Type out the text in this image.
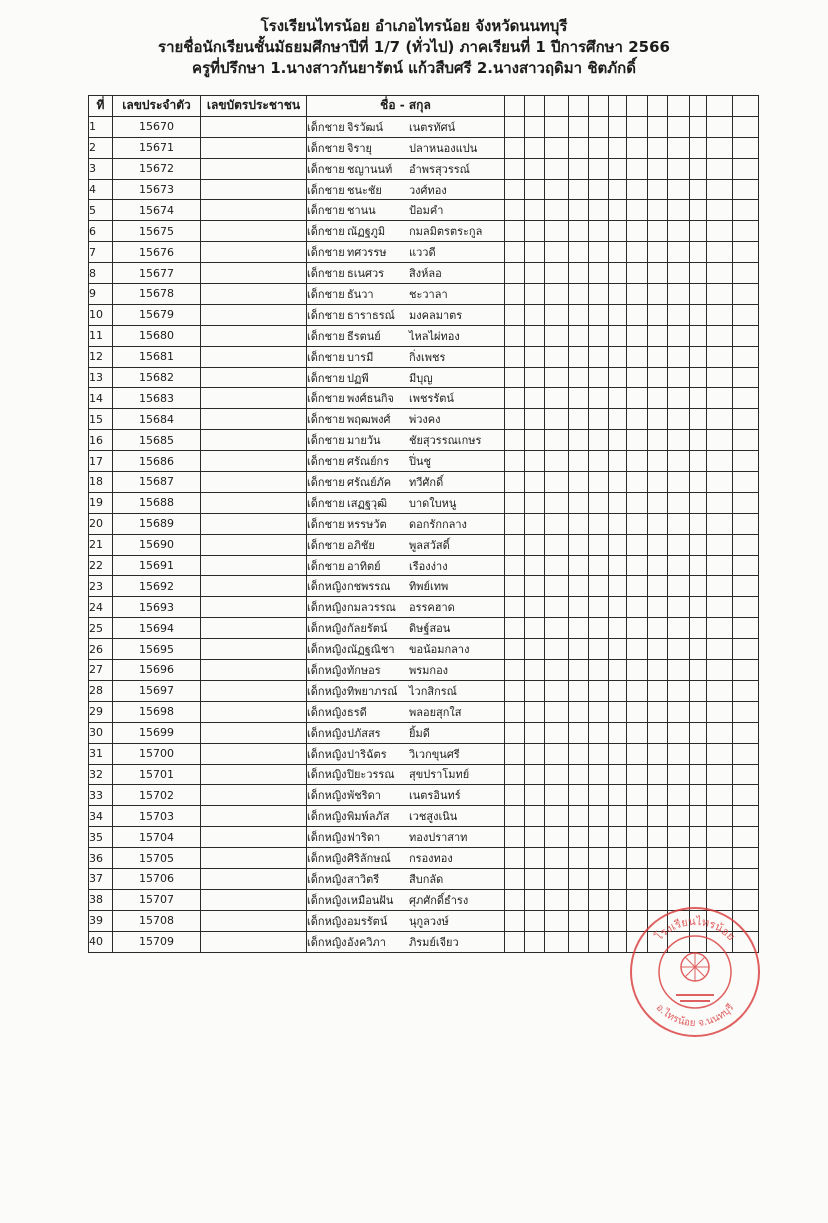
โรงเรียนไทรน้อย อำเภอไทรน้อย จังหวัดนนทบุรี
รายชื่อนักเรียนชั้นมัธยมศึกษาปีที่ 1/7 (ทั่วไป) ภาคเรียนที่ 1 ปีการศึกษา 2566
ครูที่ปรึกษา 1.นางสาวกันยารัตน์ แก้วสืบศรี 2.นางสาวฤดิมา ชิตภักดิ์
ที่	เลขประจำตัว	เลขบัตรประชาชน	ชื่อ - สกุล												
1	15670		เด็กชาย จิรวัฒน์ เนตรทัศน์												
2	15671		เด็กชาย จิรายุ ปลาหนองแปน												
3	15672		เด็กชาย ชญานนท์ อำพรสุวรรณ์												
4	15673		เด็กชาย ชนะชัย วงศ์ทอง												
5	15674		เด็กชาย ชานน ป้อมคำ												
6	15675		เด็กชาย ณัฏฐภูมิ กมลมิตรตระกูล												
7	15676		เด็กชาย ทศวรรษ แววดี												
8	15677		เด็กชาย ธเนศวร สิงห์ลอ												
9	15678		เด็กชาย ธันวา ชะวาลา												
10	15679		เด็กชาย ธาราธรณ์ มงคลมาตร												
11	15680		เด็กชาย ธีรตนย์ ไหลไผ่ทอง												
12	15681		เด็กชาย บารมี กิ่งเพชร												
13	15682		เด็กชาย ปฏพี มีบุญ												
14	15683		เด็กชาย พงศ์ธนกิจ เพชรรัตน์												
15	15684		เด็กชาย พฤฒพงศ์ พ่วงคง												
16	15685		เด็กชาย มายวัน ชัยสุวรรณเกษร												
17	15686		เด็กชาย ศรัณย์กร ปิ่นชู												
18	15687		เด็กชาย ศรัณย์ภัค ทวีศักดิ์												
19	15688		เด็กชาย เสฏฐวุฒิ บาดใบหนู												
20	15689		เด็กชาย หรรษวัต ดอกรักกลาง												
21	15690		เด็กชาย อภิชัย พูลสวัสดิ์												
22	15691		เด็กชาย อาทิตย์ เรืองง่าง												
23	15692		เด็กหญิงกชพรรณ ทิพย์เทพ												
24	15693		เด็กหญิงกมลวรรณ อรรคฮาด												
25	15694		เด็กหญิงกัลยรัตน์ ดิษฐ์สอน												
26	15695		เด็กหญิงณัฏฐณิชา ขอน้อมกลาง												
27	15696		เด็กหญิงทักษอร พรมกอง												
28	15697		เด็กหญิงทิพยาภรณ์ ไวกสิกรณ์												
29	15698		เด็กหญิงธรดี พลอยสุกใส												
30	15699		เด็กหญิงปภัสสร ยิ้มดี												
31	15700		เด็กหญิงปาริฉัตร วิเวกขุนศรี												
32	15701		เด็กหญิงปิยะวรรณ สุขปราโมทย์												
33	15702		เด็กหญิงพัชริดา เนตรอินทร์												
34	15703		เด็กหญิงพิมพ์ลภัส เวชสูงเนิน												
35	15704		เด็กหญิงฟาริดา ทองปราสาท												
36	15705		เด็กหญิงศิริลักษณ์ กรองทอง												
37	15706		เด็กหญิงสาวิตรี สืบกลัด												
38	15707		เด็กหญิงเหมือนฝัน ศุภศักดิ์ธำรง												
39	15708		เด็กหญิงอมรรัตน์ นุกูลวงษ์												
40	15709		เด็กหญิงอังควิภา ภิรมย์เจียว													โรงเรียนไทรน้อย
อ.ไทรน้อย จ.นนทบุรี
